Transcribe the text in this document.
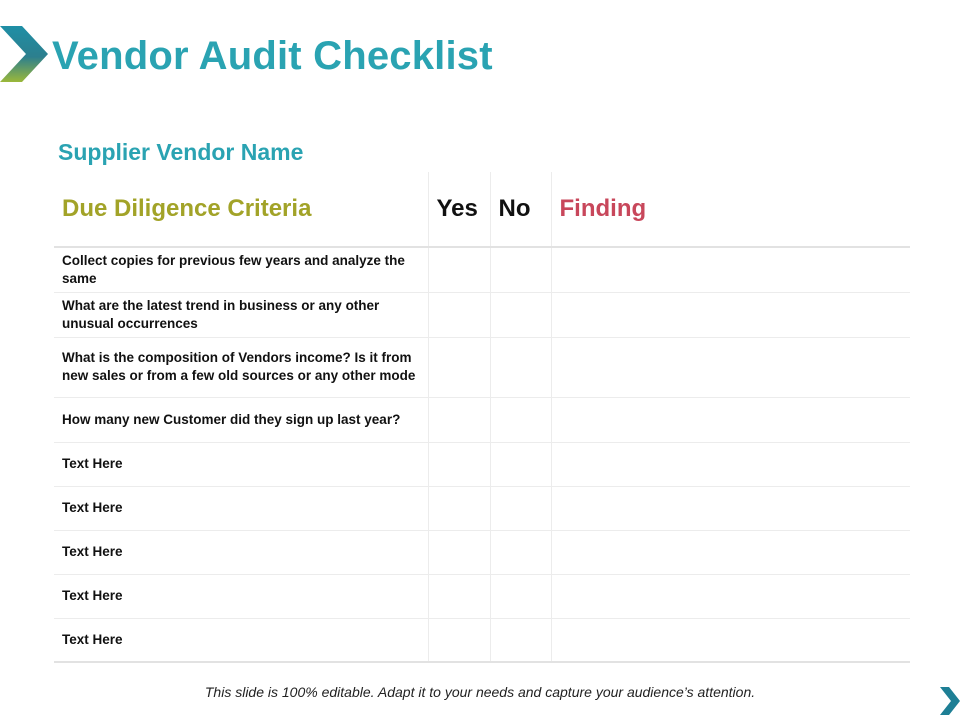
Vendor Audit Checklist
Supplier Vendor Name
Due Diligence Criteria	Yes	No	Finding
Collect copies for previous few years and analyze the same			
What are the latest trend in business or any other unusual occurrences			
What is the composition of Vendors income? Is it from new sales or from a few old sources or any other mode			
How many new Customer did they sign up last year?			
Text Here			
Text Here			
Text Here			
Text Here			
Text Here			
This slide is 100% editable. Adapt it to your needs and capture your audience’s attention.
